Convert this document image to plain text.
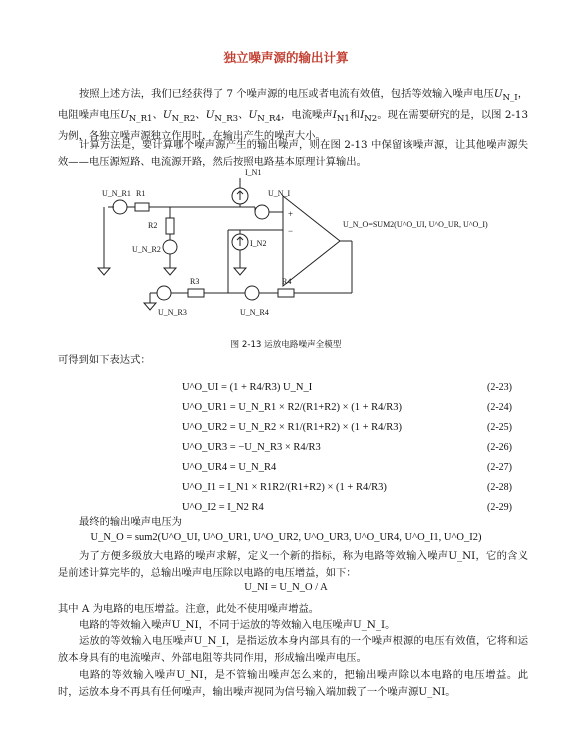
独立噪声源的输出计算
按照上述方法，我们已经获得了 7 个噪声源的电压或者电流有效值，包括等效输入噪声电压$U_{N\_I}$，电阻噪声电压$U_{N\_R1}$、$U_{N\_R2}$、$U_{N\_R3}$、$U_{N\_R4}$，电流噪声$I_{N1}$和$I_{N2}$。现在需要研究的是，以图 2-13 为例，各独立噪声源独立作用时，在输出产生的噪声大小。
计算方法是，要计算哪个噪声源产生的输出噪声，则在图 2-13 中保留该噪声源，让其他噪声源失效——电压源短路、电流源开路，然后按照电路基本原理计算输出。
U_N_R1 R1
R2
U_N_R2
I_N1
U_N_I
I_N2
R3	R4
U_N_R3	U_N_R4
U_N_O=SUM2(U^O_UI, U^O_UR, U^O_I)
+
−
图 2-13 运放电路噪声全模型
可得到如下表达式：
U^O_UI = (1 + R4/R3) U_N_I	(2-23)
U^O_UR1 = U_N_R1 × R2/(R1+R2) × (1 + R4/R3)	(2-24)
U^O_UR2 = U_N_R2 × R1/(R1+R2) × (1 + R4/R3)	(2-25)
U^O_UR3 = −U_N_R3 × R4/R3	(2-26)
U^O_UR4 = U_N_R4	(2-27)
U^O_I1 = I_N1 × R1R2/(R1+R2) × (1 + R4/R3)	(2-28)
U^O_I2 = I_N2 R4	(2-29)
最终的输出噪声电压为
U_N_O = sum2(U^O_UI, U^O_UR1, U^O_UR2, U^O_UR3, U^O_UR4, U^O_I1, U^O_I2)
为了方便多级放大电路的噪声求解，定义一个新的指标，称为电路等效输入噪声U_NI，它的含义是前述计算完毕的，总输出噪声电压除以电路的电压增益，如下：
U_NI = U_N_O / A
其中 A 为电路的电压增益。注意，此处不使用噪声增益。
电路的等效输入噪声U_NI，不同于运放的等效输入电压噪声U_N_I。
运放的等效输入电压噪声U_N_I，是指运放本身内部具有的一个噪声根源的电压有效值，它将和运放本身具有的电流噪声、外部电阻等共同作用，形成输出噪声电压。
电路的等效输入噪声U_NI，是不管输出噪声怎么来的，把输出噪声除以本电路的电压增益。此时，运放本身不再具有任何噪声，输出噪声视同为信号输入端加载了一个噪声源U_NI。
